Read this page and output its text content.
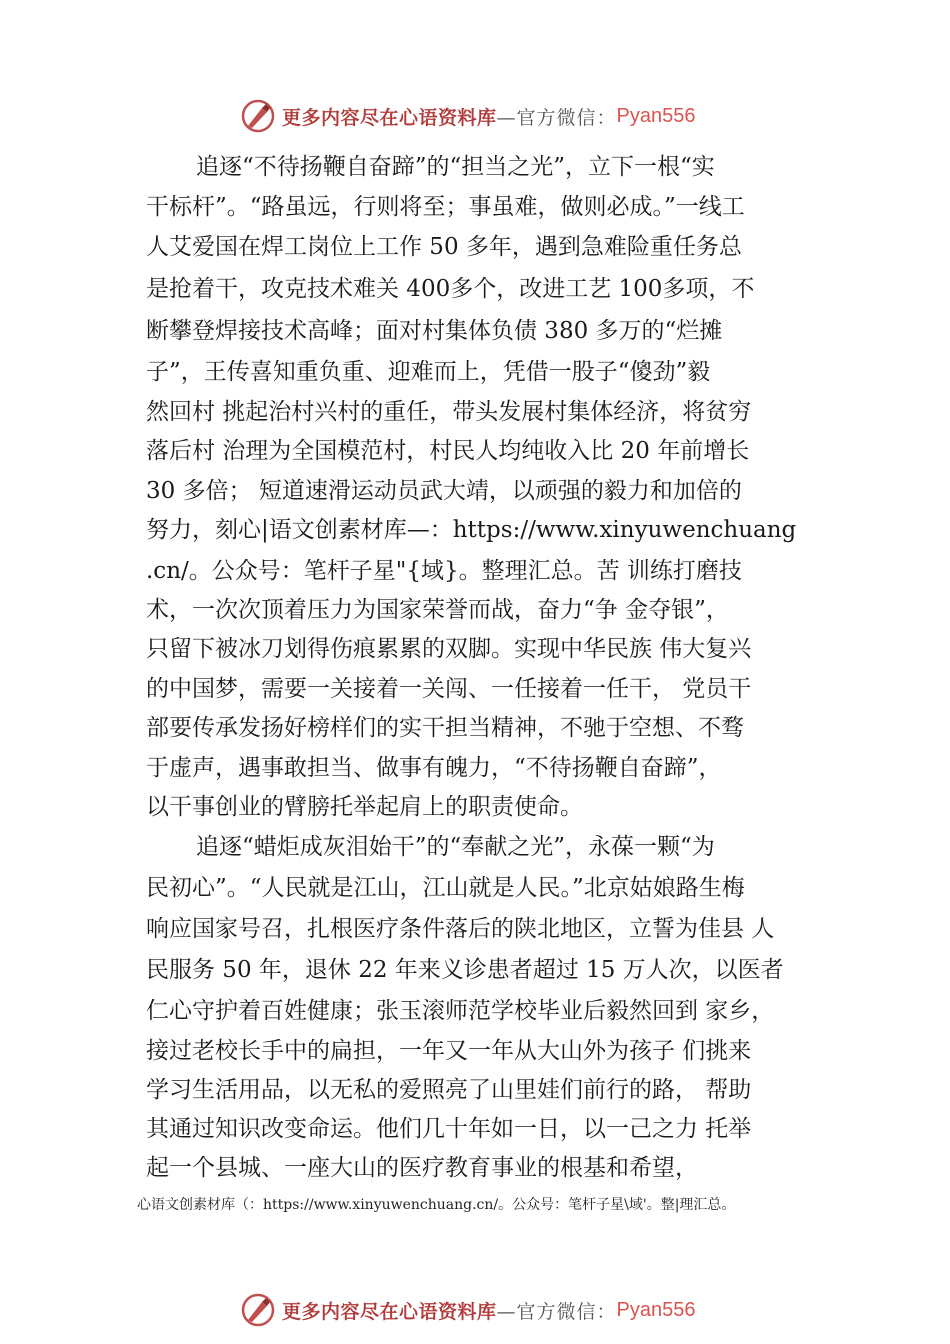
更多内容尽在心语资料库 —官方微信： Pyan556
追逐“不待扬鞭自奋蹄”的“担当之光”，立下一根“实
干标杆”。“路虽远，行则将至；事虽难，做则必成。”一线工
人艾爱国在焊工岗位上工作 50 多年，遇到急难险重任务总
是抢着干，攻克技术难关 400多个，改进工艺 100多项，不
断攀登焊接技术高峰；面对村集体负债 380 多万的“烂摊
子”，王传喜知重负重、迎难而上，凭借一股子“傻劲”毅
然回村 挑起治村兴村的重任，带头发展村集体经济，将贫穷
落后村 治理为全国模范村，村民人均纯收入比 20 年前增长
30 多倍； 短道速滑运动员武大靖，以顽强的毅力和加倍的
努力，刻心|语文创素材库—：https://www.xinyuwenchuang
.cn/。公众号：笔杆子星"{域}。整理汇总。苦 训练打磨技
术，一次次顶着压力为国家荣誉而战，奋力“争 金夺银”，
只留下被冰刀划得伤痕累累的双脚。实现中华民族 伟大复兴
的中国梦，需要一关接着一关闯、一任接着一任干， 党员干
部要传承发扬好榜样们的实干担当精神，不驰于空想、不骛
于虚声，遇事敢担当、做事有魄力，“不待扬鞭自奋蹄”，
以干事创业的臂膀托举起肩上的职责使命。
追逐“蜡炬成灰泪始干”的“奉献之光”，永葆一颗“为
民初心”。“人民就是江山，江山就是人民。”北京姑娘路生梅
响应国家号召，扎根医疗条件落后的陕北地区，立誓为佳县 人
民服务 50 年，退休 22 年来义诊患者超过 15 万人次，以医者
仁心守护着百姓健康；张玉滚师范学校毕业后毅然回到 家乡，
接过老校长手中的扁担，一年又一年从大山外为孩子 们挑来
学习生活用品，以无私的爱照亮了山里娃们前行的路， 帮助
其通过知识改变命运。他们几十年如一日，以一己之力 托举
起一个县城、一座大山的医疗教育事业的根基和希望，
心语文创素材库（：https://www.xinyuwenchuang.cn/。公众号：笔杆子星\域'。整|理汇总。
更多内容尽在心语资料库 —官方微信： Pyan556
